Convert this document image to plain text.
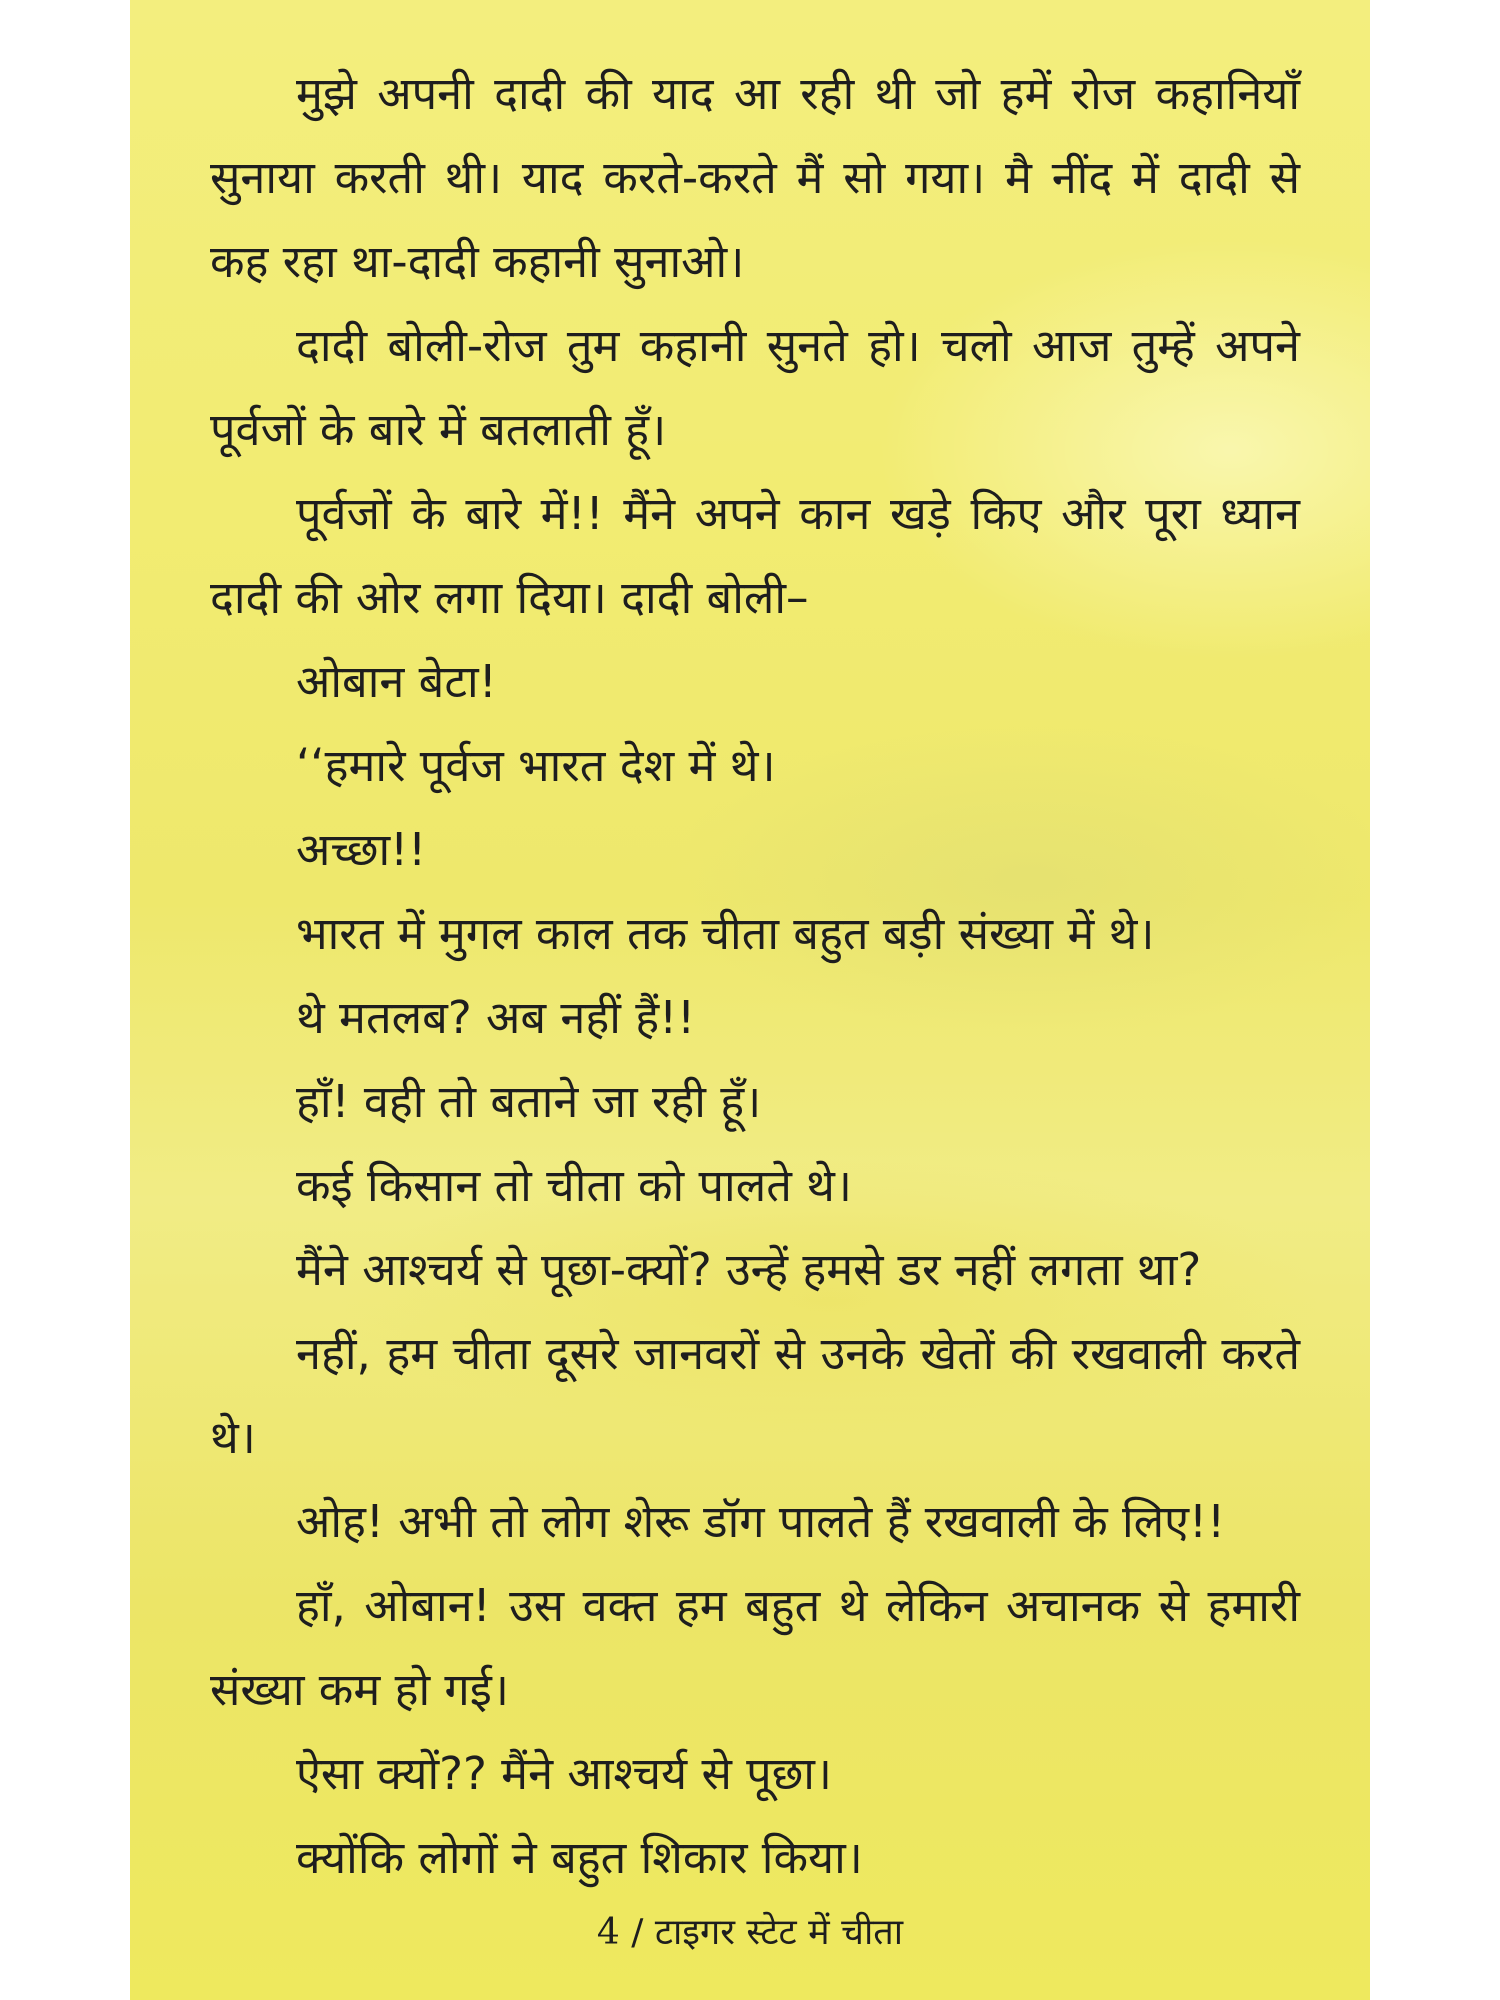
मुझे अपनी दादी की याद आ रही थी जो हमें रोज कहानियाँ सुनाया करती थी। याद करते-करते मैं सो गया। मै नींद में दादी से कह रहा था-दादी कहानी सुनाओ।

दादी बोली-रोज तुम कहानी सुनते हो। चलो आज तुम्हें अपने पूर्वजों के बारे में बतलाती हूँ।

पूर्वजों के बारे में!! मैंने अपने कान खड़े किए और पूरा ध्यान दादी की ओर लगा दिया। दादी बोली–

ओबान बेटा!

‘‘हमारे पूर्वज भारत देश में थे।

अच्छा!!

भारत में मुगल काल तक चीता बहुत बड़ी संख्या में थे।

थे मतलब? अब नहीं हैं!!

हाँ! वही तो बताने जा रही हूँ।

कई किसान तो चीता को पालते थे।

मैंने आश्चर्य से पूछा-क्यों? उन्हें हमसे डर नहीं लगता था?

नहीं, हम चीता दूसरे जानवरों से उनके खेतों की रखवाली करते थे।

ओह! अभी तो लोग शेरू डॉग पालते हैं रखवाली के लिए!!

हाँ, ओबान! उस वक्त हम बहुत थे लेकिन अचानक से हमारी संख्या कम हो गई।

ऐसा क्यों?? मैंने आश्चर्य से पूछा।

क्योंकि लोगों ने बहुत शिकार किया।

4 / टाइगर स्टेट में चीता
